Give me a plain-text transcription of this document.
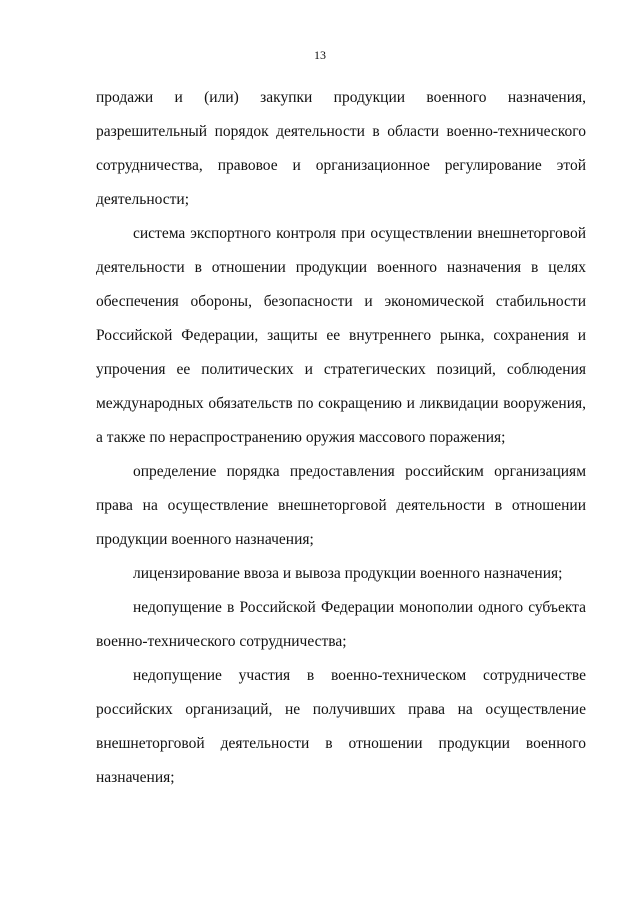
13
продажи и (или) закупки продукции военного назначения,
разрешительный порядок деятельности в области военно-технического
сотрудничества, правовое и организационное регулирование этой
деятельности;
система экспортного контроля при осуществлении внешнеторговой
деятельности в отношении продукции военного назначения в целях
обеспечения обороны, безопасности и экономической стабильности
Российской Федерации, защиты ее внутреннего рынка, сохранения и
упрочения ее политических и стратегических позиций, соблюдения
международных обязательств по сокращению и ликвидации вооружения,
а также по нераспространению оружия массового поражения;
определение порядка предоставления российским организациям
права на осуществление внешнеторговой деятельности в отношении
продукции военного назначения;
лицензирование ввоза и вывоза продукции военного назначения;
недопущение в Российской Федерации монополии одного субъекта
военно-технического сотрудничества;
недопущение участия в военно-техническом сотрудничестве
российских организаций, не получивших права на осуществление
внешнеторговой деятельности в отношении продукции военного
назначения;
